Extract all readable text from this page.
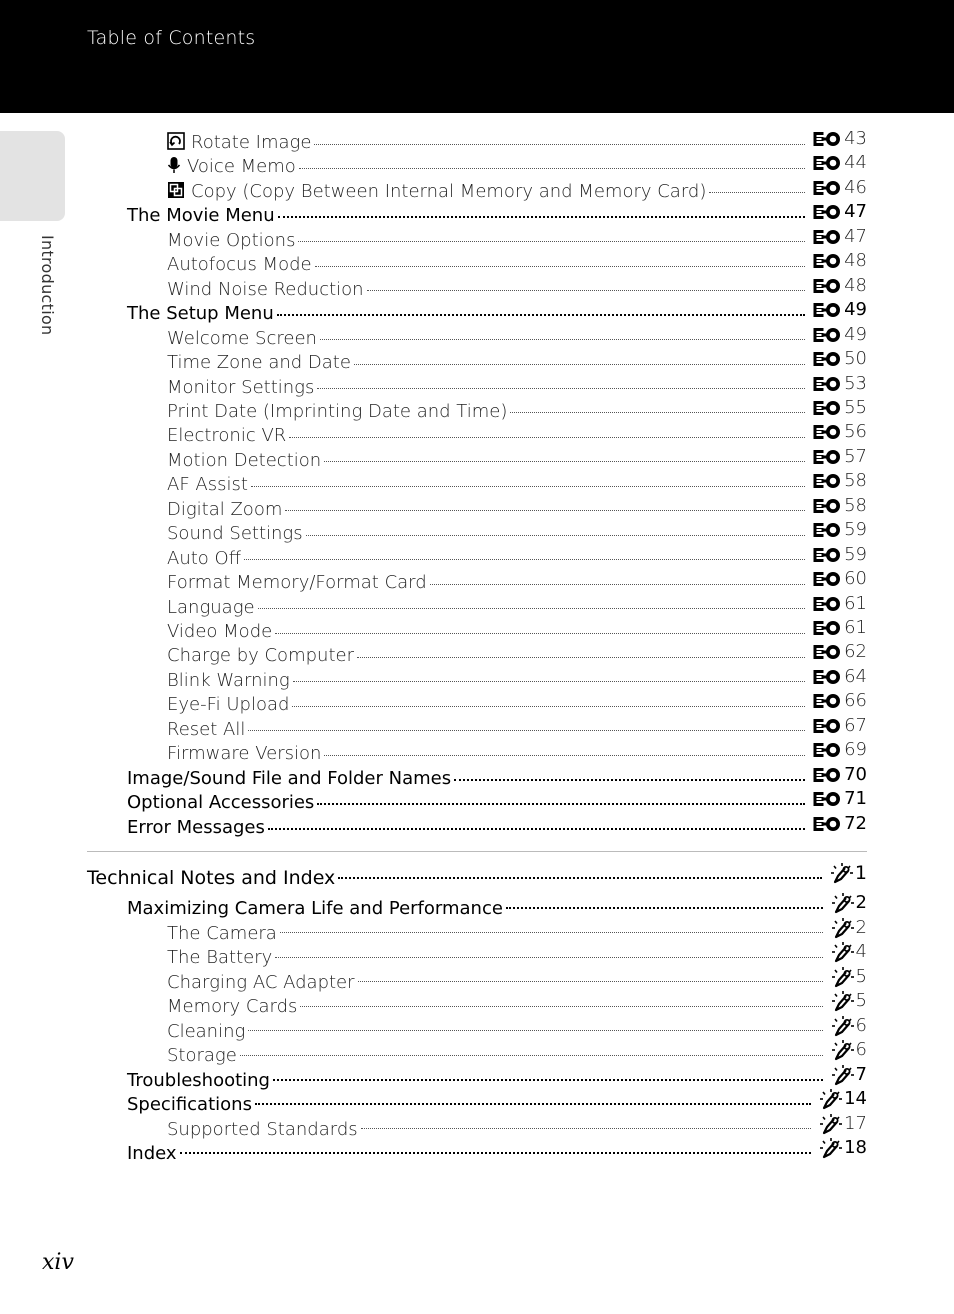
Table of Contents
Introduction
Rotate Image	43
Voice Memo	44
Copy (Copy Between Internal Memory and Memory Card)	46
The Movie Menu	47
Movie Options	47
Autofocus Mode	48
Wind Noise Reduction	48
The Setup Menu	49
Welcome Screen	49
Time Zone and Date	50
Monitor Settings	53
Print Date (Imprinting Date and Time)	55
Electronic VR	56
Motion Detection	57
AF Assist	58
Digital Zoom	58
Sound Settings	59
Auto Off	59
Format Memory/Format Card	60
Language	61
Video Mode	61
Charge by Computer	62
Blink Warning	64
Eye-Fi Upload	66
Reset All	67
Firmware Version	69
Image/Sound File and Folder Names	70
Optional Accessories	71
Error Messages	72
Technical Notes and Index	1
Maximizing Camera Life and Performance	2
The Camera	2
The Battery	4
Charging AC Adapter	5
Memory Cards	5
Cleaning	6
Storage	6
Troubleshooting	7
Specifications	14
Supported Standards	17
Index	18
xiv
